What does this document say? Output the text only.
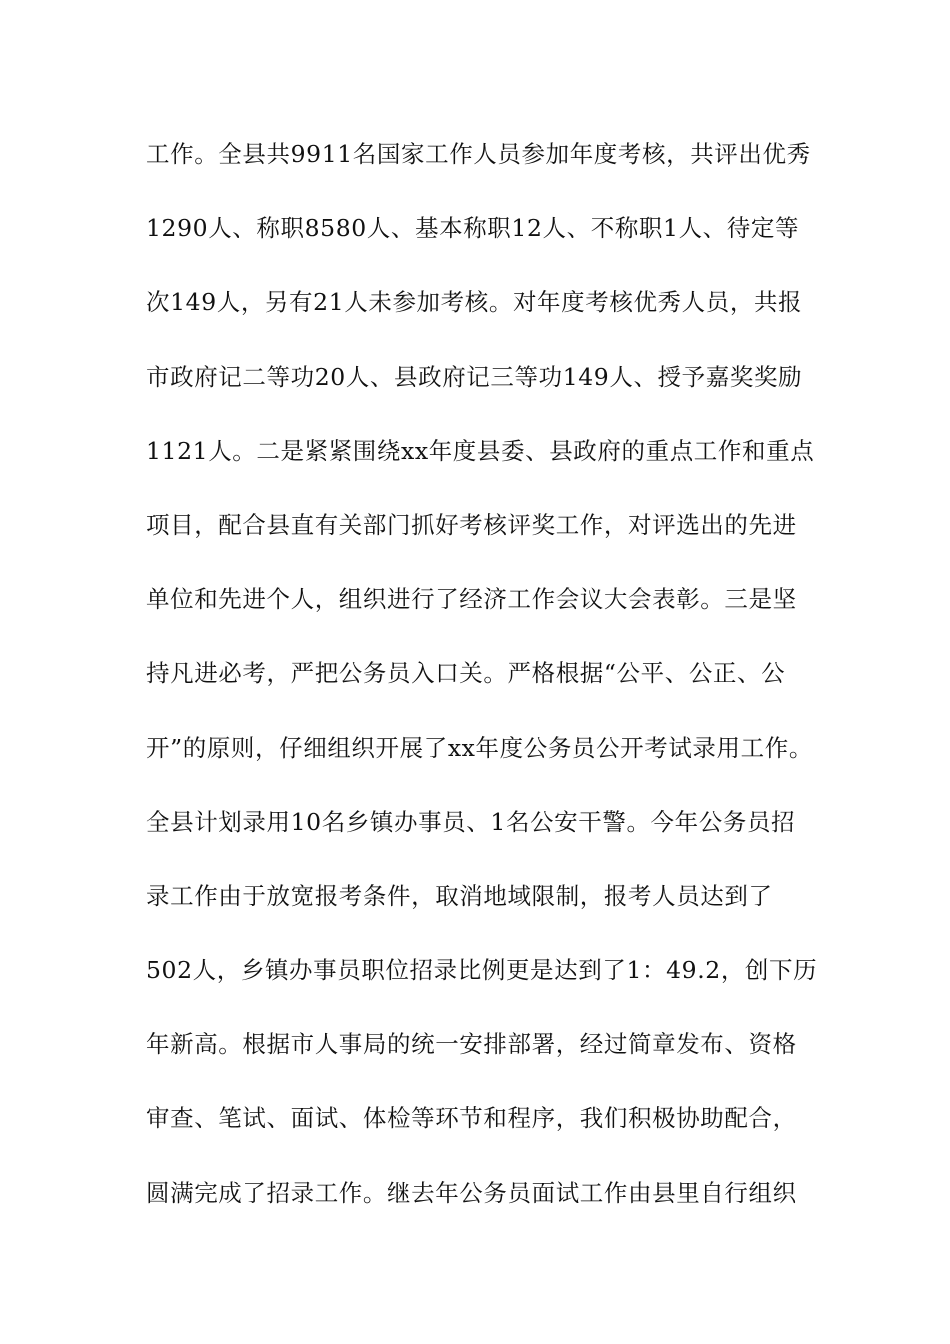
工作。全县共9911名国家工作人员参加年度考核，共评出优秀
1290人、称职8580人、基本称职12人、不称职1人、待定等
次149人，另有21人未参加考核。对年度考核优秀人员，共报
市政府记二等功20人、县政府记三等功149人、授予嘉奖奖励
1121人。二是紧紧围绕xx年度县委、县政府的重点工作和重点
项目，配合县直有关部门抓好考核评奖工作，对评选出的先进
单位和先进个人，组织进行了经济工作会议大会表彰。三是坚
持凡进必考，严把公务员入口关。严格根据“公平、公正、公
开”的原则，仔细组织开展了xx年度公务员公开考试录用工作。
全县计划录用10名乡镇办事员、1名公安干警。今年公务员招
录工作由于放宽报考条件，取消地域限制，报考人员达到了
502人，乡镇办事员职位招录比例更是达到了1：49.2，创下历
年新高。根据市人事局的统一安排部署，经过简章发布、资格
审查、笔试、面试、体检等环节和程序，我们积极协助配合，
圆满完成了招录工作。继去年公务员面试工作由县里自行组织
